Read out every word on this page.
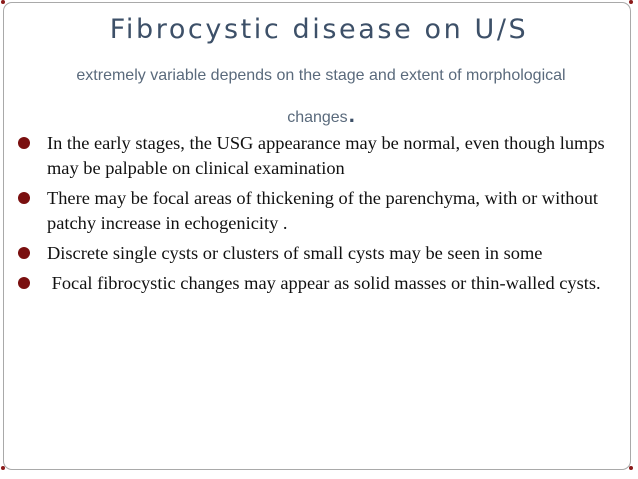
Fibrocystic disease on U/S
extremely variable depends on the stage and extent of morphological changes.
In the early stages, the USG appearance may be normal, even though lumps may be palpable on clinical examination
There may be focal areas of thickening of the parenchyma, with or without patchy increase in echogenicity .
Discrete single cysts or clusters of small cysts may be seen in some
Focal fibrocystic changes may appear as solid masses or thin-walled cysts.
